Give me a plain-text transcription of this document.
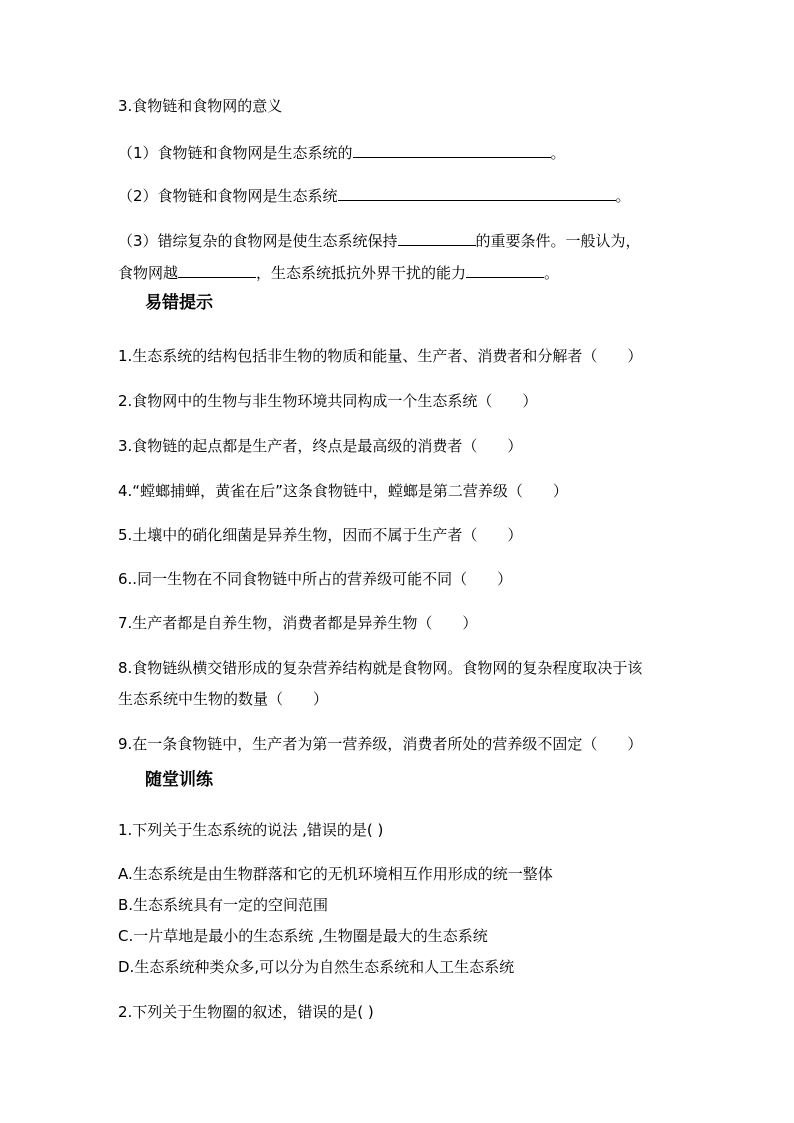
3.食物链和食物网的意义
（1）食物链和食物网是生态系统的	。
（2）食物链和食物网是生态系统	。
（3）错综复杂的食物网是使生态系统保持	的重要条件。一般认为，
食物网越	，生态系统抵抗外界干扰的能力	。
易错提示
1.生态系统的结构包括非生物的物质和能量、生产者、消费者和分解者（　　）
2.食物网中的生物与非生物环境共同构成一个生态系统（　　）
3.食物链的起点都是生产者，终点是最高级的消费者（　　）
4.“螳螂捕蝉，黄雀在后”这条食物链中，螳螂是第二营养级（　　）
5.土壤中的硝化细菌是异养生物，因而不属于生产者（　　）
6..同一生物在不同食物链中所占的营养级可能不同（　　）
7.生产者都是自养生物，消费者都是异养生物（　　）
8.食物链纵横交错形成的复杂营养结构就是食物网。食物网的复杂程度取决于该
生态系统中生物的数量（　　）
9.在一条食物链中，生产者为第一营养级，消费者所处的营养级不固定（　　）
随堂训练
1.下列关于生态系统的说法 ,错误的是( )
A.生态系统是由生物群落和它的无机环境相互作用形成的统一整体
B.生态系统具有一定的空间范围
C.一片草地是最小的生态系统 ,生物圈是最大的生态系统
D.生态系统种类众多,可以分为自然生态系统和人工生态系统
2.下列关于生物圈的叙述，错误的是( )
